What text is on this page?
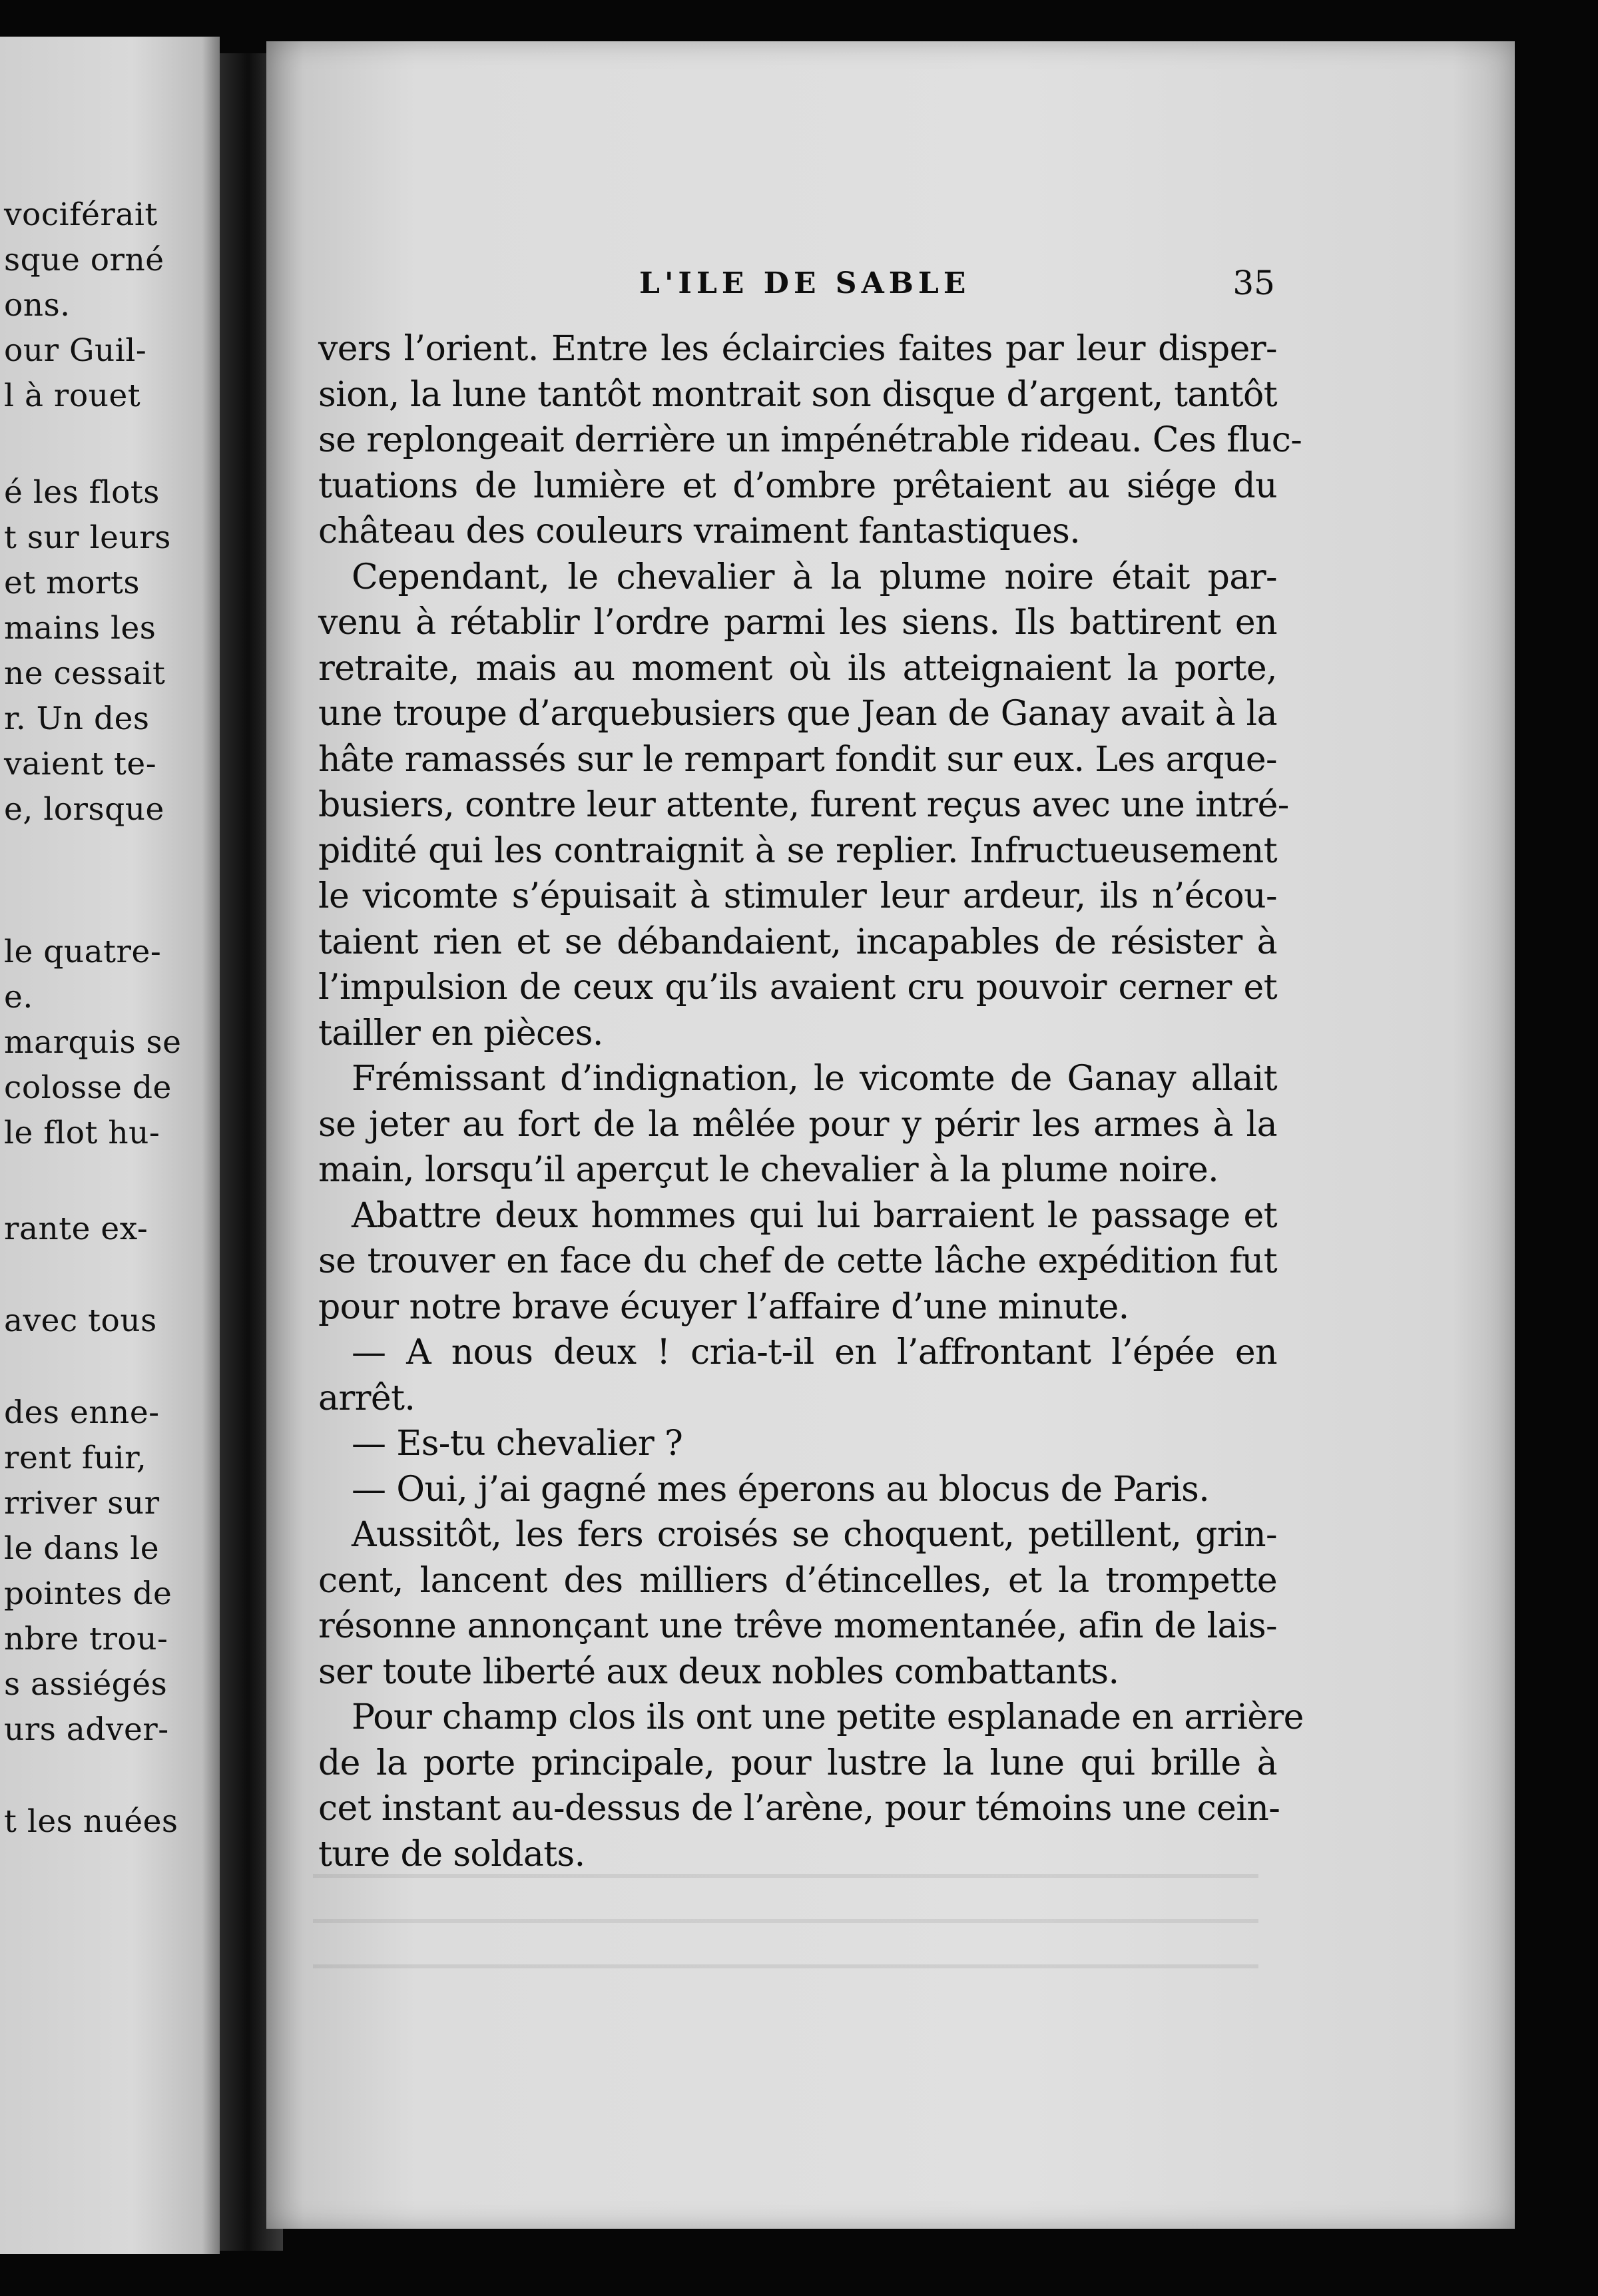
vociférait
sque orné
ons.
our Guil-
l à rouet
é les flots
t sur leurs
et morts
mains les
ne cessait
r. Un des
vaient te-
e, lorsque
le quatre-
e.
marquis se
colosse de
le flot hu-
rante ex-
avec tous
des enne-
rent fuir,
rriver sur
le dans le
pointes de
nbre trou-
s assiégés
urs adver-
t les nuées
L'ILE DE SABLE	35
vers l’orient. Entre les éclaircies faites par leur disper-
sion, la lune tantôt montrait son disque d’argent, tantôt
se replongeait derrière un impénétrable rideau. Ces fluc-
tuations de lumière et d’ombre prêtaient au siége du
château des couleurs vraiment fantastiques.
Cependant, le chevalier à la plume noire était par-
venu à rétablir l’ordre parmi les siens. Ils battirent en
retraite, mais au moment où ils atteignaient la porte,
une troupe d’arquebusiers que Jean de Ganay avait à la
hâte ramassés sur le rempart fondit sur eux. Les arque-
busiers, contre leur attente, furent reçus avec une intré-
pidité qui les contraignit à se replier. Infructueusement
le vicomte s’épuisait à stimuler leur ardeur, ils n’écou-
taient rien et se débandaient, incapables de résister à
l’impulsion de ceux qu’ils avaient cru pouvoir cerner et
tailler en pièces.
Frémissant d’indignation, le vicomte de Ganay allait
se jeter au fort de la mêlée pour y périr les armes à la
main, lorsqu’il aperçut le chevalier à la plume noire.
Abattre deux hommes qui lui barraient le passage et
se trouver en face du chef de cette lâche expédition fut
pour notre brave écuyer l’affaire d’une minute.
— A nous deux ! cria-t-il en l’affrontant l’épée en
arrêt.
— Es-tu chevalier ?
— Oui, j’ai gagné mes éperons au blocus de Paris.
Aussitôt, les fers croisés se choquent, petillent, grin-
cent, lancent des milliers d’étincelles, et la trompette
résonne annonçant une trêve momentanée, afin de lais-
ser toute liberté aux deux nobles combattants.
Pour champ clos ils ont une petite esplanade en arrière
de la porte principale, pour lustre la lune qui brille à
cet instant au-dessus de l’arène, pour témoins une cein-
ture de soldats.
